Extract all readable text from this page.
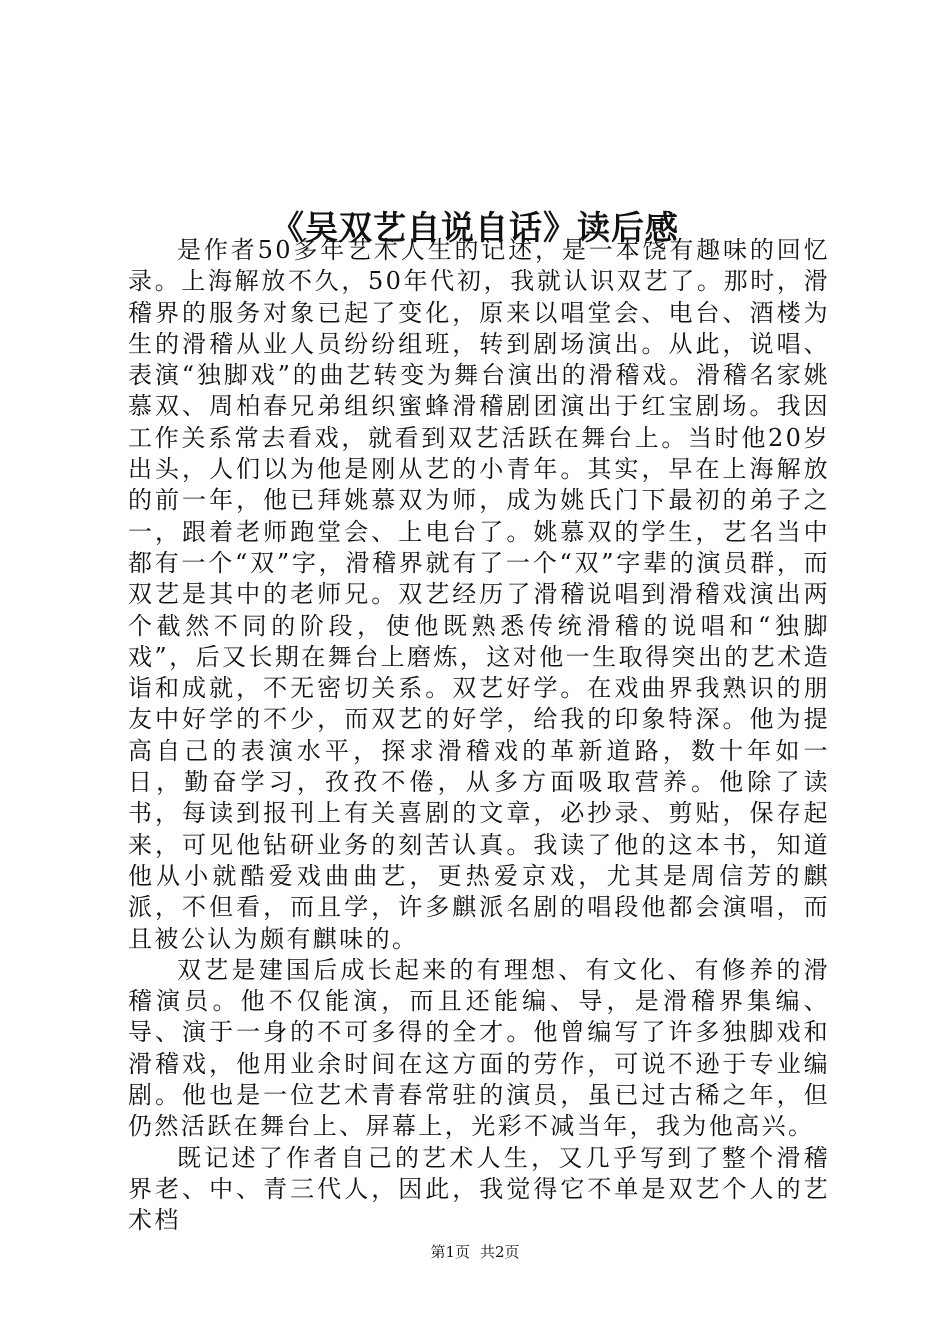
《吴双艺自说自话》读后感

是作者50多年艺术人生的记述，是一本饶有趣味的回忆录。上海解放不久，50年代初，我就认识双艺了。那时，滑稽界的服务对象已起了变化，原来以唱堂会、电台、酒楼为生的滑稽从业人员纷纷组班，转到剧场演出。从此，说唱、表演“独脚戏”的曲艺转变为舞台演出的滑稽戏。滑稽名家姚慕双、周柏春兄弟组织蜜蜂滑稽剧团演出于红宝剧场。我因工作关系常去看戏，就看到双艺活跃在舞台上。当时他20岁出头，人们以为他是刚从艺的小青年。其实，早在上海解放的前一年，他已拜姚慕双为师，成为姚氏门下最初的弟子之一，跟着老师跑堂会、上电台了。姚慕双的学生，艺名当中都有一个“双”字，滑稽界就有了一个“双”字辈的演员群，而双艺是其中的老师兄。双艺经历了滑稽说唱到滑稽戏演出两个截然不同的阶段，使他既熟悉传统滑稽的说唱和“独脚戏”，后又长期在舞台上磨炼，这对他一生取得突出的艺术造诣和成就，不无密切关系。双艺好学。在戏曲界我熟识的朋友中好学的不少，而双艺的好学，给我的印象特深。他为提高自己的表演水平，探求滑稽戏的革新道路，数十年如一日，勤奋学习，孜孜不倦，从多方面吸取营养。他除了读书，每读到报刊上有关喜剧的文章，必抄录、剪贴，保存起来，可见他钻研业务的刻苦认真。我读了他的这本书，知道他从小就酷爱戏曲曲艺，更热爱京戏，尤其是周信芳的麒派，不但看，而且学，许多麒派名剧的唱段他都会演唱，而且被公认为颇有麒味的。

双艺是建国后成长起来的有理想、有文化、有修养的滑稽演员。他不仅能演，而且还能编、导，是滑稽界集编、导、演于一身的不可多得的全才。他曾编写了许多独脚戏和滑稽戏，他用业余时间在这方面的劳作，可说不逊于专业编剧。他也是一位艺术青春常驻的演员，虽已过古稀之年，但仍然活跃在舞台上、屏幕上，光彩不减当年，我为他高兴。

既记述了作者自己的艺术人生，又几乎写到了整个滑稽界老、中、青三代人，因此，我觉得它不单是双艺个人的艺术档

第1页 共2页
